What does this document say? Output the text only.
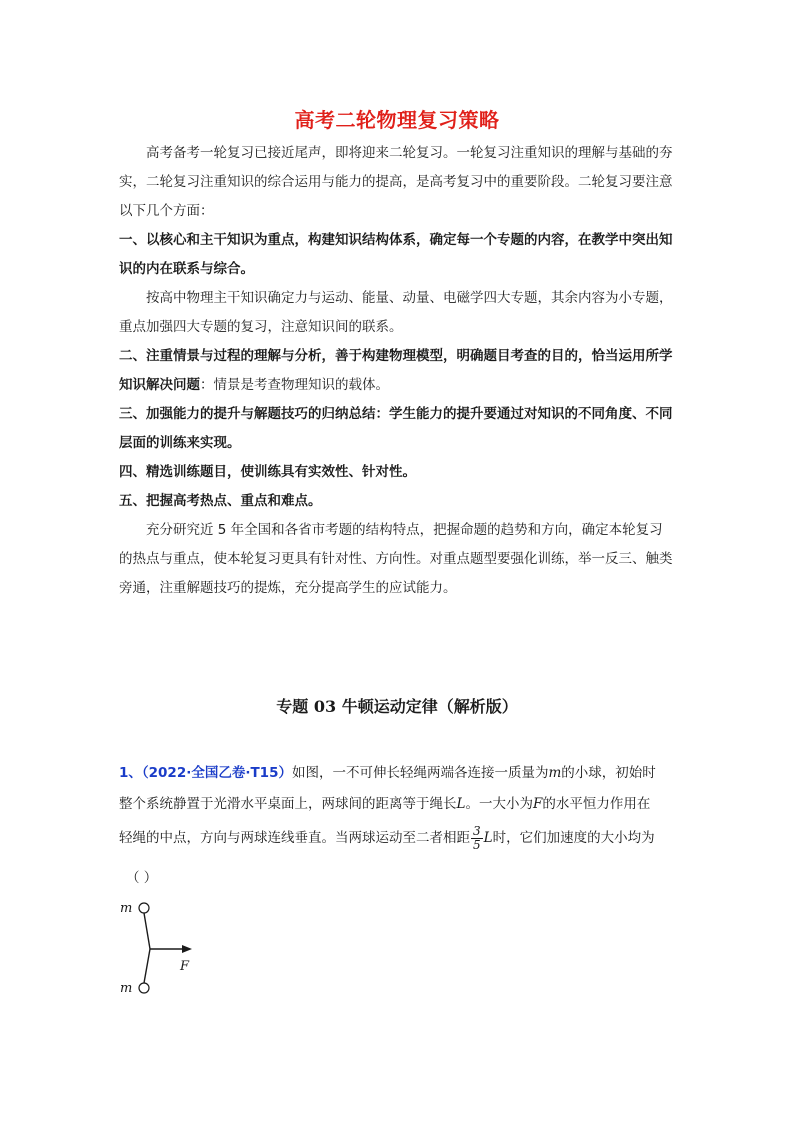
高考二轮物理复习策略

高考备考一轮复习已接近尾声，即将迎来二轮复习。一轮复习注重知识的理解与基础的夯实，二轮复习注重知识的综合运用与能力的提高，是高考复习中的重要阶段。二轮复习要注意以下几个方面：

一、以核心和主干知识为重点，构建知识结构体系，确定每一个专题的内容，在教学中突出知识的内在联系与综合。

按高中物理主干知识确定力与运动、能量、动量、电磁学四大专题，其余内容为小专题，重点加强四大专题的复习，注意知识间的联系。

二、注重情景与过程的理解与分析，善于构建物理模型，明确题目考查的目的，恰当运用所学知识解决问题：情景是考查物理知识的载体。

三、加强能力的提升与解题技巧的归纳总结：学生能力的提升要通过对知识的不同角度、不同层面的训练来实现。

四、精选训练题目，使训练具有实效性、针对性。

五、把握高考热点、重点和难点。

充分研究近 5 年全国和各省市考题的结构特点，把握命题的趋势和方向，确定本轮复习的热点与重点，使本轮复习更具有针对性、方向性。对重点题型要强化训练，举一反三、触类旁通，注重解题技巧的提炼，充分提高学生的应试能力。

专题 03 牛顿运动定律（解析版）
1、（2022·全国乙卷·T15）如图，一不可伸长轻绳两端各连接一质量为m的小球，初始时
整个系统静置于光滑水平桌面上，两球间的距离等于绳长L。一大小为F的水平恒力作用在
轻绳的中点，方向与两球连线垂直。当两球运动至二者相距 $\frac{3}{5}$ L时，它们加速度的大小均为
（ ）
m
m
F
